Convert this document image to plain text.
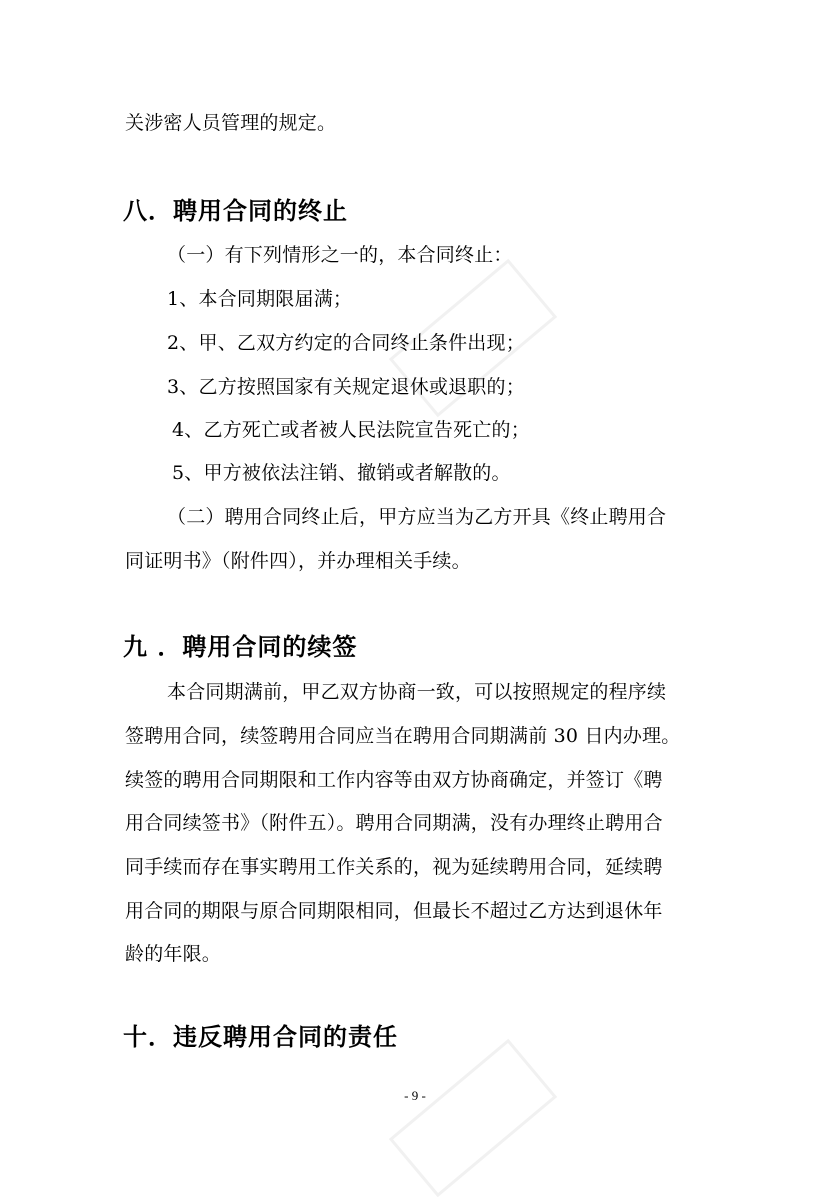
关涉密人员管理的规定。
八．聘用合同的终止
（一）有下列情形之一的，本合同终止：
1、本合同期限届满；
2、甲、乙双方约定的合同终止条件出现；
3、乙方按照国家有关规定退休或退职的；
4、乙方死亡或者被人民法院宣告死亡的；
5、甲方被依法注销、撤销或者解散的。
（二）聘用合同终止后，甲方应当为乙方开具《终止聘用合
同证明书》（附件四），并办理相关手续。
九 ．聘用合同的续签
本合同期满前，甲乙双方协商一致，可以按照规定的程序续
签聘用合同，续签聘用合同应当在聘用合同期满前 30 日内办理。
续签的聘用合同期限和工作内容等由双方协商确定，并签订《聘
用合同续签书》（附件五）。聘用合同期满，没有办理终止聘用合
同手续而存在事实聘用工作关系的，视为延续聘用合同，延续聘
用合同的期限与原合同期限相同，但最长不超过乙方达到退休年
龄的年限。
十．违反聘用合同的责任
- 9 -
